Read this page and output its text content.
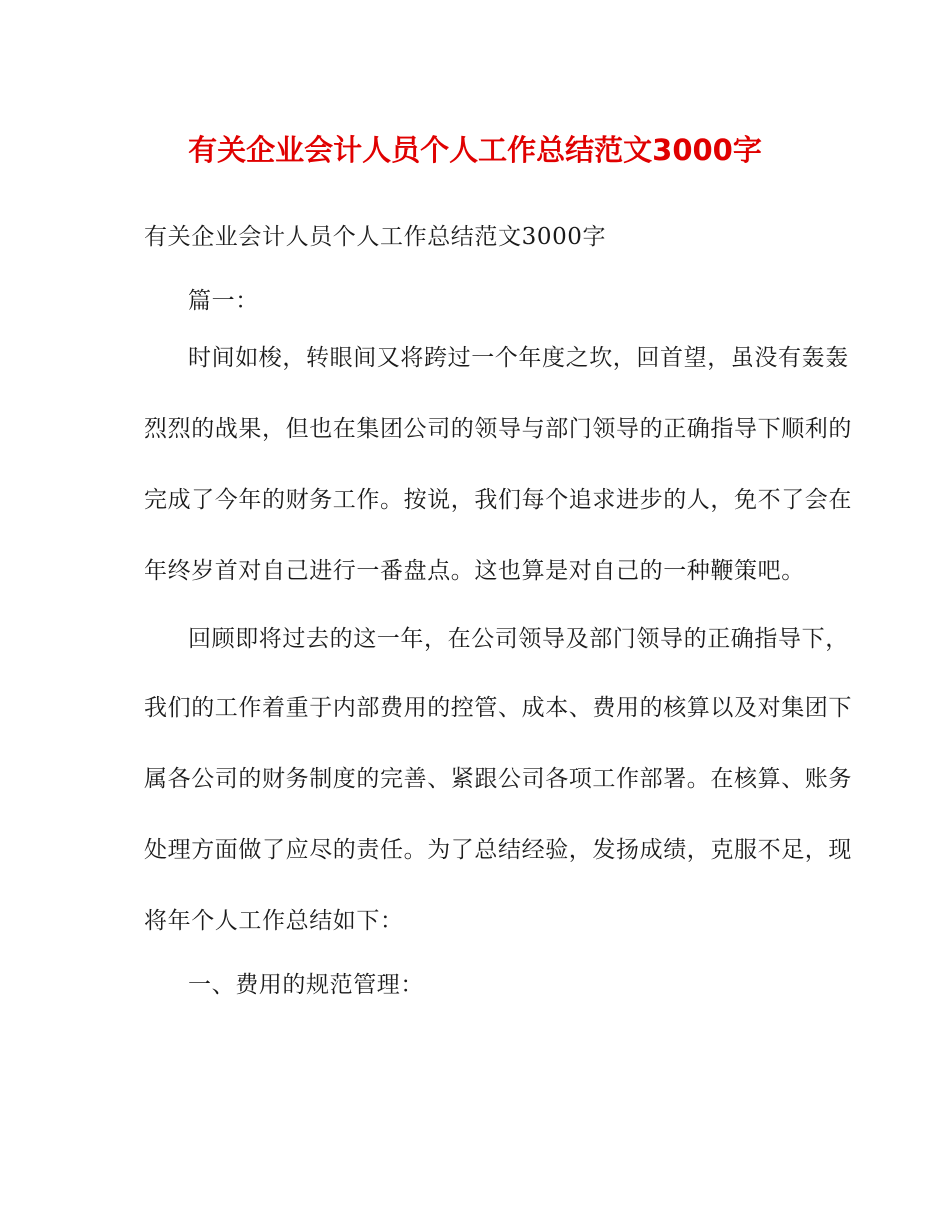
有关企业会计人员个人工作总结范文3000字
有关企业会计人员个人工作总结范文3000字
篇一：
时间如梭，转眼间又将跨过一个年度之坎，回首望，虽没有轰轰
烈烈的战果，但也在集团公司的领导与部门领导的正确指导下顺利的
完成了今年的财务工作。按说，我们每个追求进步的人，免不了会在
年终岁首对自己进行一番盘点。这也算是对自己的一种鞭策吧。
回顾即将过去的这一年，在公司领导及部门领导的正确指导下，
我们的工作着重于内部费用的控管、成本、费用的核算以及对集团下
属各公司的财务制度的完善、紧跟公司各项工作部署。在核算、账务
处理方面做了应尽的责任。为了总结经验，发扬成绩，克服不足，现
将年个人工作总结如下：
一、费用的规范管理：
